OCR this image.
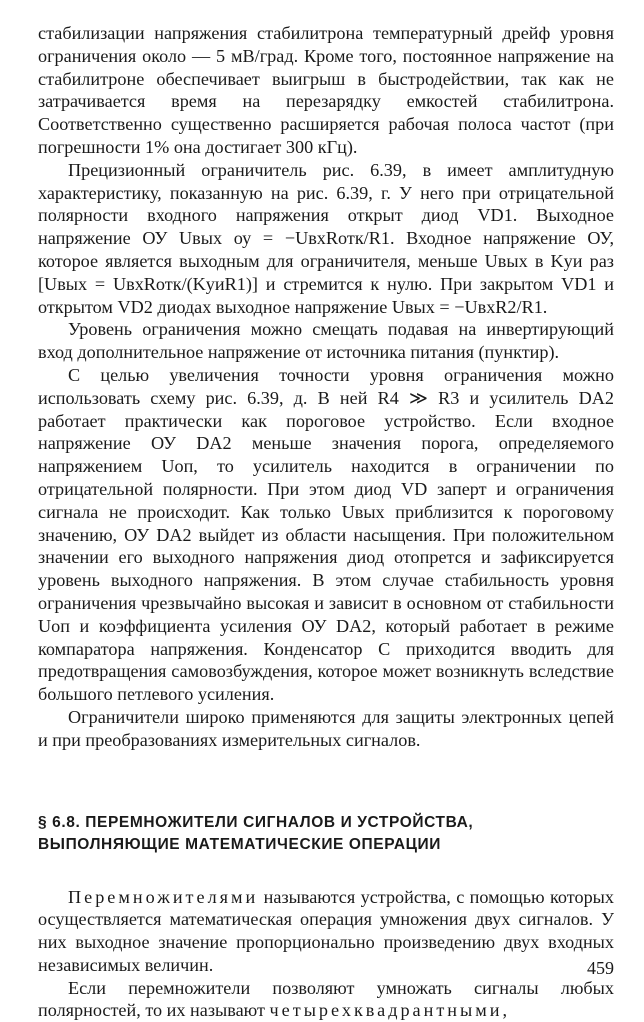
стабилизации напряжения стабилитрона температурный дрейф уровня ограничения около — 5 мВ/град. Кроме того, постоянное напряжение на стабилитроне обеспечивает выигрыш в быстродействии, так как не затрачивается время на перезарядку емкостей стабилитрона. Соответственно существенно расширяется рабочая полоса частот (при погрешности 1% она достигает 300 кГц).

Прецизионный ограничитель рис. 6.39, в имеет амплитудную характеристику, показанную на рис. 6.39, г. У него при отрицательной полярности входного напряжения открыт диод VD1. Выходное напряжение ОУ Uвых оу = −UвхRотк/R1. Входное напряжение ОУ, которое является выходным для ограничителя, меньше Uвых в Kуи раз [Uвых = UвхRотк/(KуиR1)] и стремится к нулю. При закрытом VD1 и открытом VD2 диодах выходное напряжение Uвых = −UвхR2/R1.

Уровень ограничения можно смещать подавая на инвертирующий вход дополнительное напряжение от источника питания (пунктир).

С целью увеличения точности уровня ограничения можно использовать схему рис. 6.39, д. В ней R4 ≫ R3 и усилитель DA2 работает практически как пороговое устройство. Если входное напряжение ОУ DA2 меньше значения порога, определяемого напряжением Uоп, то усилитель находится в ограничении по отрицательной полярности. При этом диод VD заперт и ограничения сигнала не происходит. Как только Uвых приблизится к пороговому значению, ОУ DA2 выйдет из области насыщения. При положительном значении его выходного напряжения диод отопрется и зафиксируется уровень выходного напряжения. В этом случае стабильность уровня ограничения чрезвычайно высокая и зависит в основном от стабильности Uоп и коэффициента усиления ОУ DA2, который работает в режиме компаратора напряжения. Конденсатор C приходится вводить для предотвращения самовозбуждения, которое может возникнуть вследствие большого петлевого усиления.

Ограничители широко применяются для защиты электронных цепей и при преобразованиях измерительных сигналов.

§ 6.8. ПЕРЕМНОЖИТЕЛИ СИГНАЛОВ И УСТРОЙСТВА, ВЫПОЛНЯЮЩИЕ МАТЕМАТИЧЕСКИЕ ОПЕРАЦИИ

Перемножителями называются устройства, с помощью которых осуществляется математическая операция умножения двух сигналов. У них выходное значение пропорционально произведению двух входных независимых величин.

Если перемножители позволяют умножать сигналы любых полярностей, то их называют четырехквадрантными,

459
